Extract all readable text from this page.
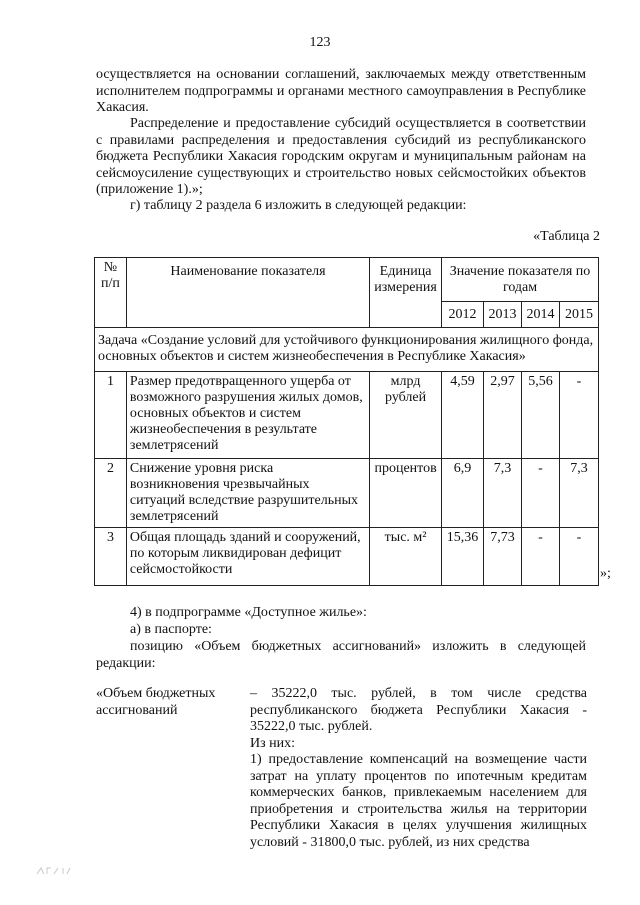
123
осуществляется на основании соглашений, заключаемых между ответственным исполнителем подпрограммы и органами местного самоуправления в Республике Хакасия.
Распределение и предоставление субсидий осуществляется в соответствии с правилами распределения и предоставления субсидий из республиканского бюджета Республики Хакасия городским округам и муниципальным районам на сейсмоусиление существующих и строительство новых сейсмостойких объектов (приложение 1).»;
г) таблицу 2 раздела 6 изложить в следующей редакции:
«Таблица 2
№ п/п	Наименование показателя	Единица измерения	Значение показателя по годам			
			2012	2013	2014	2015
Задача «Создание условий для устойчивого функционирования жилищного фонда, основных объектов и систем жизнеобеспечения в Республике Хакасия»						
1	Размер предотвращенного ущерба от возможного разрушения жилых домов, основных объектов и систем жизнеобеспечения в результате землетрясений	млрд рублей	4,59	2,97	5,56	-
2	Снижение уровня риска возникновения чрезвычайных ситуаций вследствие разрушительных землетрясений	процентов	6,9	7,3	-	7,3
3	Общая площадь зданий и сооружений, по которым ликвидирован дефицит сейсмостойкости	тыс. м²	15,36	7,73	-	-
»;
4) в подпрограмме «Доступное жилье»:
а) в паспорте:
позицию «Объем бюджетных ассигнований» изложить в следующей редакции:
«Объем бюджетных ассигнований
– 35222,0 тыс. рублей, в том числе средства республиканского бюджета Республики Хакасия - 35222,0 тыс. рублей.
Из них:
1) предоставление компенсаций на возмещение части затрат на уплату процентов по ипотечным кредитам коммерческих банков, привлекаемым населением для приобретения и строительства жилья на территории Республики Хакасия в целях улучшения жилищных условий - 31800,0 тыс. рублей, из них средства
